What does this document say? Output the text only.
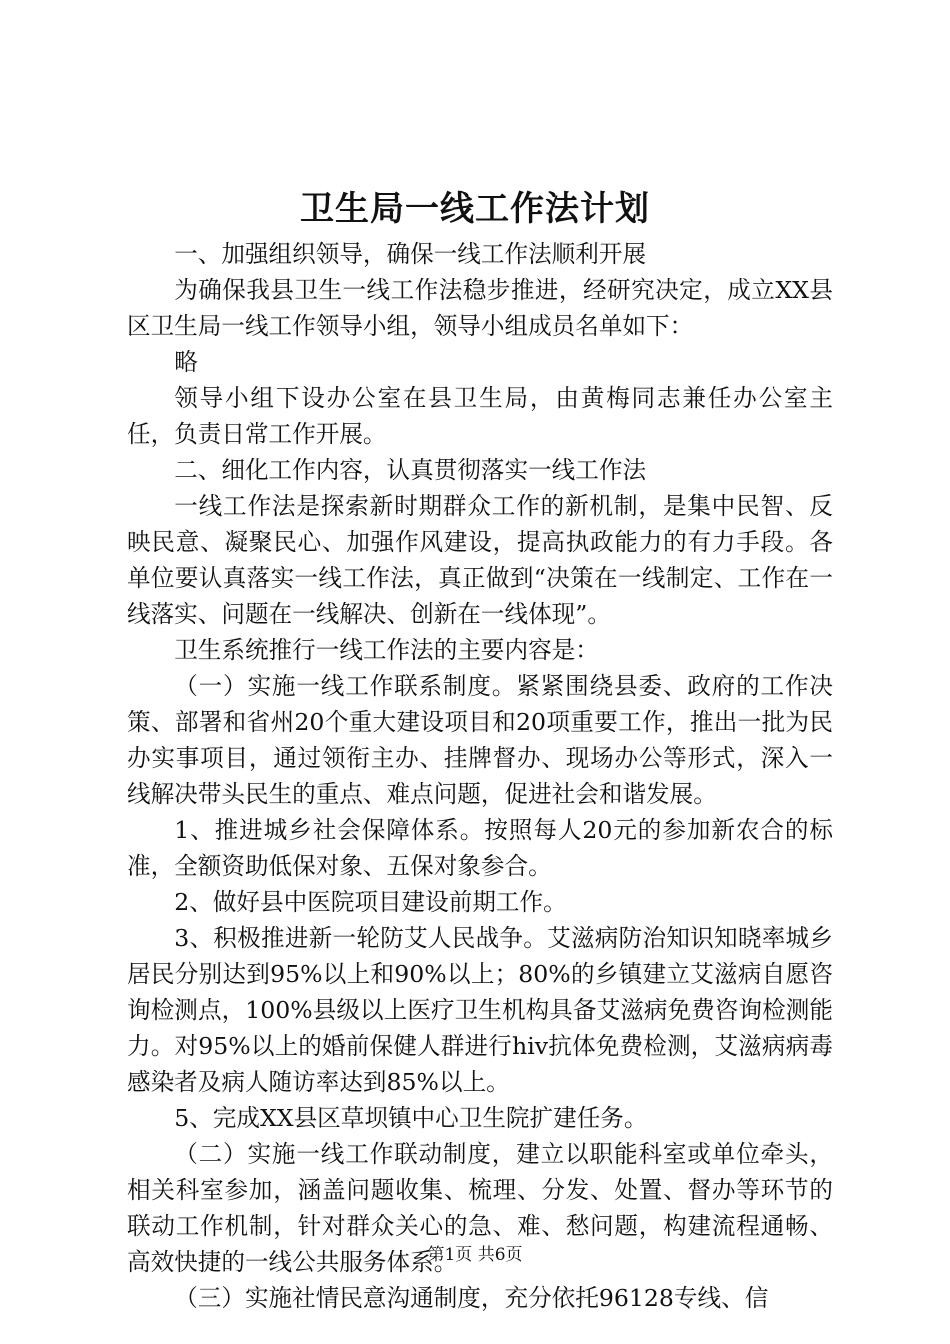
卫生局一线工作法计划

一、加强组织领导，确保一线工作法顺利开展

为确保我县卫生一线工作法稳步推进，经研究决定，成立XX县区卫生局一线工作领导小组，领导小组成员名单如下：

略

领导小组下设办公室在县卫生局，由黄梅同志兼任办公室主任，负责日常工作开展。

二、细化工作内容，认真贯彻落实一线工作法

一线工作法是探索新时期群众工作的新机制，是集中民智、反映民意、凝聚民心、加强作风建设，提高执政能力的有力手段。各单位要认真落实一线工作法，真正做到“决策在一线制定、工作在一线落实、问题在一线解决、创新在一线体现”。

卫生系统推行一线工作法的主要内容是：

（一）实施一线工作联系制度。紧紧围绕县委、政府的工作决策、部署和省州20个重大建设项目和20项重要工作，推出一批为民办实事项目，通过领衔主办、挂牌督办、现场办公等形式，深入一线解决带头民生的重点、难点问题，促进社会和谐发展。

1、推进城乡社会保障体系。按照每人20元的参加新农合的标准，全额资助低保对象、五保对象参合。

2、做好县中医院项目建设前期工作。

3、积极推进新一轮防艾人民战争。艾滋病防治知识知晓率城乡居民分别达到95%以上和90%以上；80%的乡镇建立艾滋病自愿咨询检测点，100%县级以上医疗卫生机构具备艾滋病免费咨询检测能力。对95%以上的婚前保健人群进行hiv抗体免费检测，艾滋病病毒感染者及病人随访率达到85%以上。

5、完成XX县区草坝镇中心卫生院扩建任务。

（二）实施一线工作联动制度，建立以职能科室或单位牵头，相关科室参加，涵盖问题收集、梳理、分发、处置、督办等环节的联动工作机制，针对群众关心的急、难、愁问题，构建流程通畅、高效快捷的一线公共服务体系。

（三）实施社情民意沟通制度，充分依托96128专线、信

第1页 共6页
